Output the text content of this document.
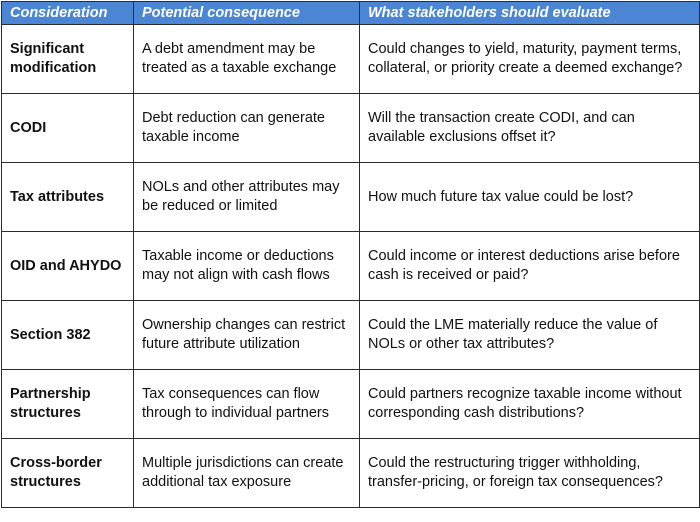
Consideration	Potential consequence	What stakeholders should evaluate
Significant modification	A debt amendment may be treated as a taxable exchange	Could changes to yield, maturity, payment terms, collateral, or priority create a deemed exchange?
CODI	Debt reduction can generate taxable income	Will the transaction create CODI, and can available exclusions offset it?
Tax attributes	NOLs and other attributes may be reduced or limited	How much future tax value could be lost?
OID and AHYDO	Taxable income or deductions may not align with cash flows	Could income or interest deductions arise before cash is received or paid?
Section 382	Ownership changes can restrict future attribute utilization	Could the LME materially reduce the value of NOLs or other tax attributes?
Partnership structures	Tax consequences can flow through to individual partners	Could partners recognize taxable income without corresponding cash distributions?
Cross-border structures	Multiple jurisdictions can create additional tax exposure	Could the restructuring trigger withholding, transfer-pricing, or foreign tax consequences?
